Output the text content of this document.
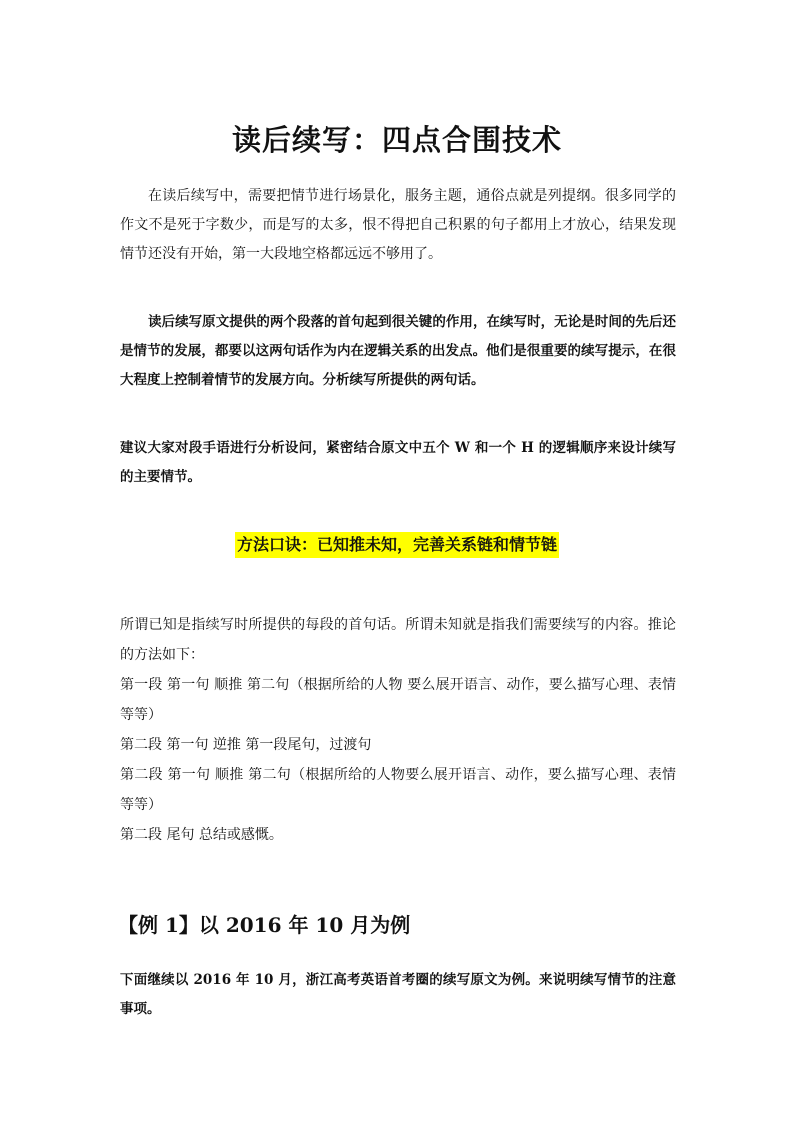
读后续写：四点合围技术

在读后续写中，需要把情节进行场景化，服务主题，通俗点就是列提纲。很多同学的作文不是死于字数少，而是写的太多，恨不得把自己积累的句子都用上才放心，结果发现情节还没有开始，第一大段地空格都远远不够用了。

读后续写原文提供的两个段落的首句起到很关键的作用，在续写时，无论是时间的先后还是情节的发展，都要以这两句话作为内在逻辑关系的出发点。他们是很重要的续写提示，在很大程度上控制着情节的发展方向。分析续写所提供的两句话。

建议大家对段手语进行分析设问，紧密结合原文中五个 W 和一个 H 的逻辑顺序来设计续写的主要情节。

方法口诀：已知推未知，完善关系链和情节链

所谓已知是指续写时所提供的每段的首句话。所谓未知就是指我们需要续写的内容。推论的方法如下：

第一段 第一句 顺推 第二句（根据所给的人物 要么展开语言、动作，要么描写心理、表情等等）

第二段 第一句 逆推 第一段尾句，过渡句

第二段 第一句 顺推 第二句（根据所给的人物要么展开语言、动作，要么描写心理、表情等等）

第二段 尾句 总结或感慨。

【例 1】以 2016 年 10 月为例

下面继续以 2016 年 10 月，浙江高考英语首考圈的续写原文为例。来说明续写情节的注意事项。
